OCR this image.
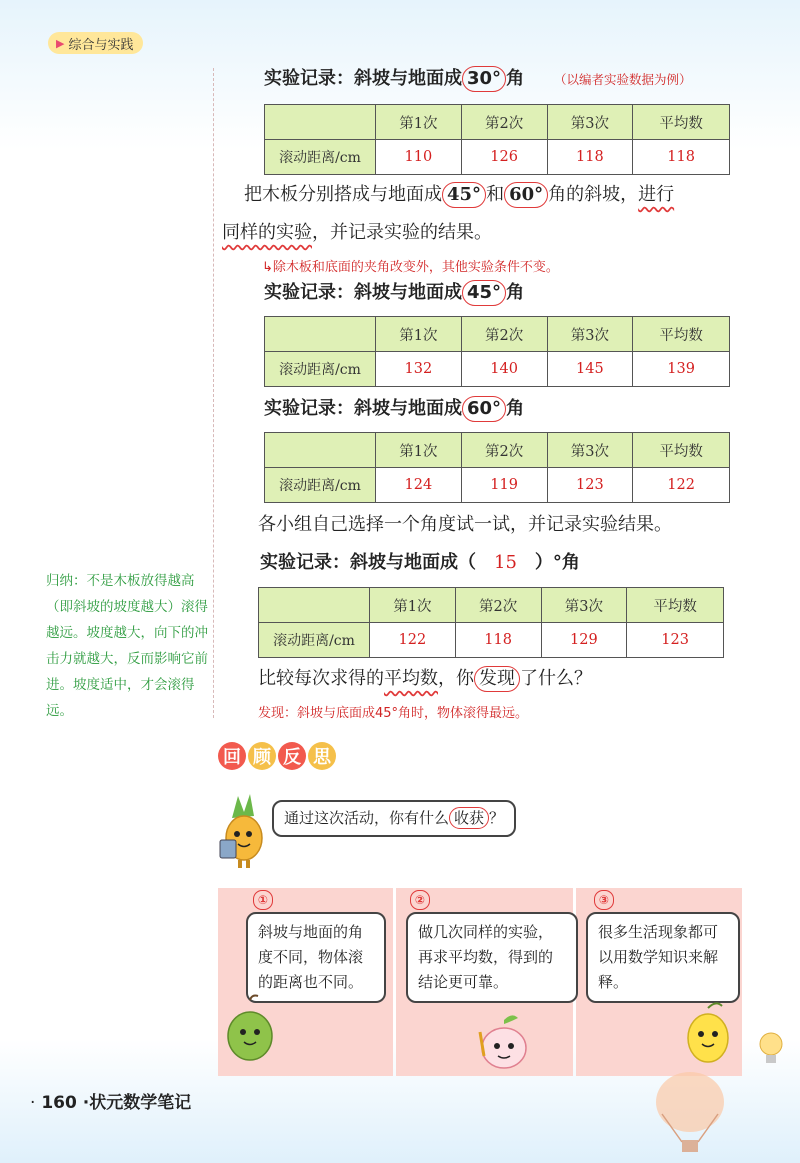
▶ 综合与实践
实验记录：斜坡与地面成 30° 角 （以编者实验数据为例）
	第1次	第2次	第3次	平均数
滚动距离/cm	110	126	118	118
把木板分别搭成与地面成 45° 和 60° 角的斜坡，进行
同样的实验，并记录实验的结果。
↳除木板和底面的夹角改变外，其他实验条件不变。
实验记录：斜坡与地面成 45° 角
	第1次	第2次	第3次	平均数
滚动距离/cm	132	140	145	139
实验记录：斜坡与地面成 60° 角
	第1次	第2次	第3次	平均数
滚动距离/cm	124	119	123	122
各小组自己选择一个角度试一试，并记录实验结果。
实验记录：斜坡与地面成（ 15 ）°角
	第1次	第2次	第3次	平均数
滚动距离/cm	122	118	129	123
比较每次求得的平均数，你 发现 了什么？
发现：斜坡与底面成45°角时，物体滚得最远。
归纳：不是木板放得越高（即斜坡的坡度越大）滚得越远。坡度越大，向下的冲击力就越大，反而影响它前进。坡度适中，才会滚得远。
回 顾 反 思
通过这次活动，你有什么 收获 ？
①	②	③
斜坡与地面的角度不同，物体滚的距离也不同。
做几次同样的实验，再求平均数，得到的结论更可靠。
很多生活现象都可以用数学知识来解释。
· 160 ·状元数学笔记
